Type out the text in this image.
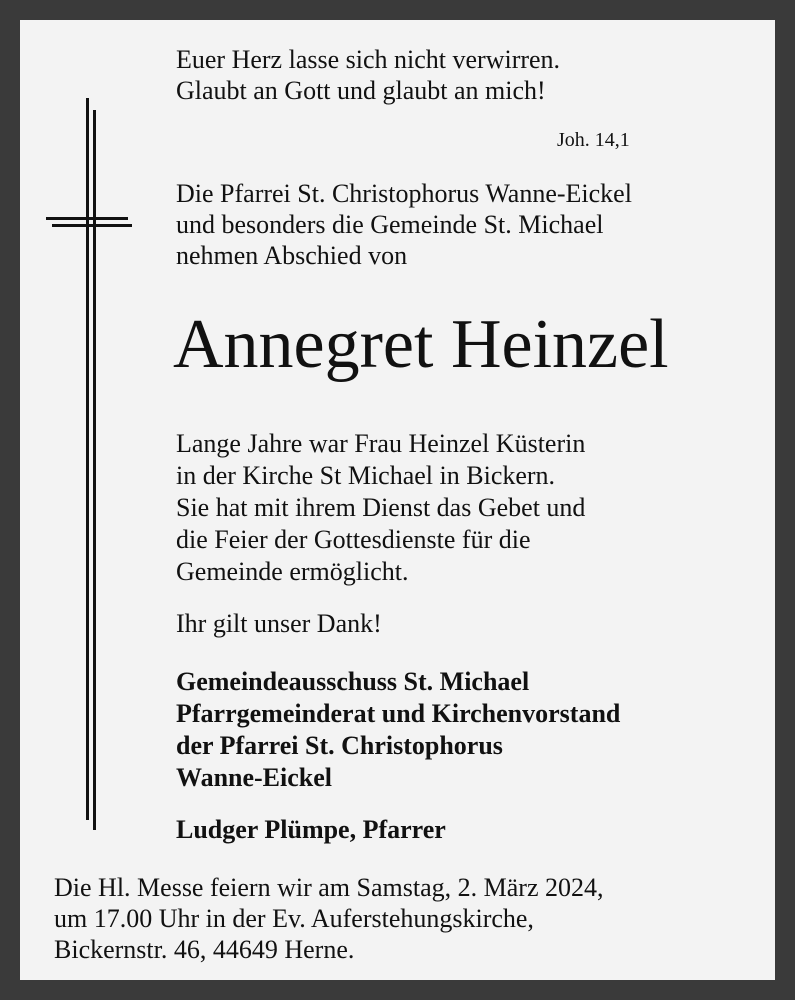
Euer Herz lasse sich nicht verwirren.
Glaubt an Gott und glaubt an mich!
Joh. 14,1
Die Pfarrei St. Christophorus Wanne-Eickel
und besonders die Gemeinde St. Michael
nehmen Abschied von
Annegret Heinzel
Lange Jahre war Frau Heinzel Küsterin
in der Kirche St Michael in Bickern.
Sie hat mit ihrem Dienst das Gebet und
die Feier der Gottesdienste für die
Gemeinde ermöglicht.
Ihr gilt unser Dank!
Gemeindeausschuss St. Michael
Pfarrgemeinderat und Kirchenvorstand
der Pfarrei St. Christophorus
Wanne-Eickel
Ludger Plümpe, Pfarrer
Die Hl. Messe feiern wir am Samstag, 2. März 2024,
um 17.00 Uhr in der Ev. Auferstehungskirche,
Bickernstr. 46, 44649 Herne.
